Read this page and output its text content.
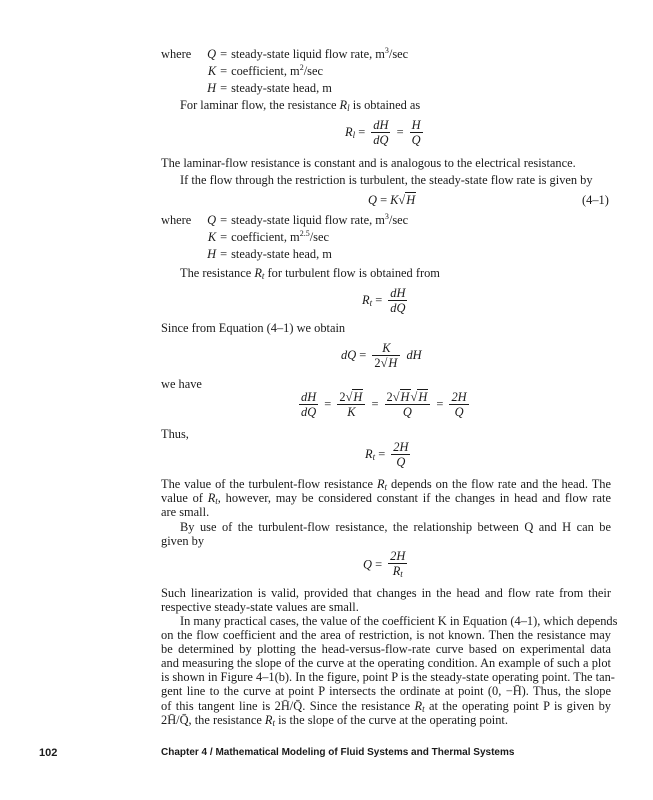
where Q = steady-state liquid flow rate, $m^3/\sec$
K = coefficient, $m^2/\sec$
H = steady-state head, m
For laminar flow, the resistance $R_l$ is obtained as
$R_l = \frac{dH}{dQ} = \frac{H}{Q}$
The laminar-flow resistance is constant and is analogous to the electrical resistance.
If the flow through the restriction is turbulent, the steady-state flow rate is given by
Q = K√H	(4–1)
where Q = steady-state liquid flow rate, $m^3/\sec$
K = coefficient, $m^{2.5}/\sec$
H = steady-state head, m
The resistance $R_t$ for turbulent flow is obtained from
$R_t = \frac{dH}{dQ}$
Since from Equation (4–1) we obtain
dQ = $\frac{K}{2√H}$ dH
we have
$\frac{dH}{dQ} = \frac{2√H}{K} = \frac{2√H√H}{Q} = \frac{2H}{Q}$
Thus,
$R_t = \frac{2H}{Q}$
The value of the turbulent-flow resistance $R_t$ depends on the flow rate and the head. The
value of $R_t$, however, may be considered constant if the changes in head and flow rate
are small.
By use of the turbulent-flow resistance, the relationship between Q and H can be
given by
$Q = \frac{2H}{R_t}$
Such linearization is valid, provided that changes in the head and flow rate from their
respective steady-state values are small.
In many practical cases, the value of the coefficient K in Equation (4–1), which depends
on the flow coefficient and the area of restriction, is not known. Then the resistance may
be determined by plotting the head-versus-flow-rate curve based on experimental data
and measuring the slope of the curve at the operating condition. An example of such a plot
is shown in Figure 4–1(b). In the figure, point P is the steady-state operating point. The tan-
gent line to the curve at point P intersects the ordinate at point (0, −H̄). Thus, the slope
of this tangent line is 2H̄/Q̄. Since the resistance $R_t$ at the operating point P is given by
2H̄/Q̄, the resistance $R_t$ is the slope of the curve at the operating point.
102	Chapter 4 / Mathematical Modeling of Fluid Systems and Thermal Systems
